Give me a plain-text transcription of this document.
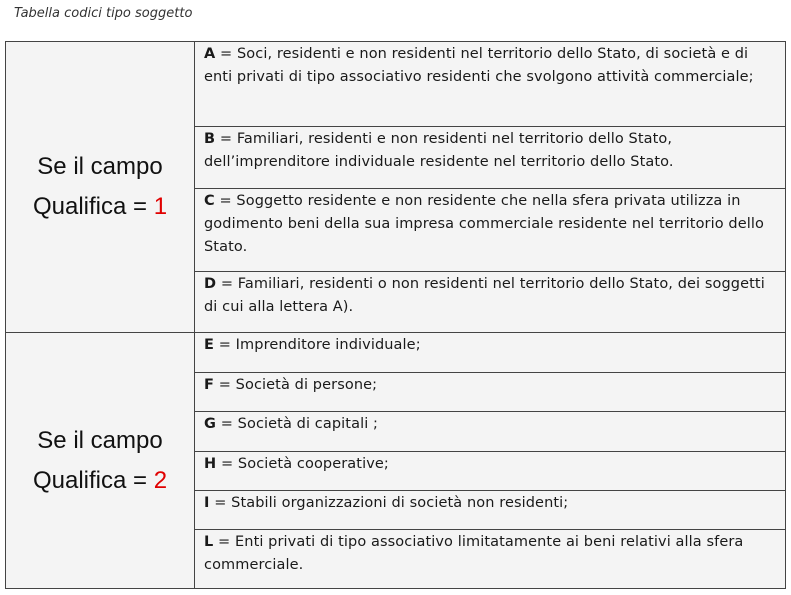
Tabella codici tipo soggetto
Se il campo
Qualifica = 1
A = Soci, residenti e non residenti nel territorio dello Stato, di società e di enti privati di tipo associativo residenti che svolgono attività commerciale;
B = Familiari, residenti e non residenti nel territorio dello Stato, dell’imprenditore individuale residente nel territorio dello Stato.
C = Soggetto residente e non residente che nella sfera privata utilizza in godimento beni della sua impresa commerciale residente nel territorio dello Stato.
D = Familiari, residenti o non residenti nel territorio dello Stato, dei soggetti di cui alla lettera A).
Se il campo
Qualifica = 2
E = Imprenditore individuale;
F = Società di persone;
G = Società di capitali ;
H = Società cooperative;
I = Stabili organizzazioni di società non residenti;
L = Enti privati di tipo associativo limitatamente ai beni relativi alla sfera commerciale.
